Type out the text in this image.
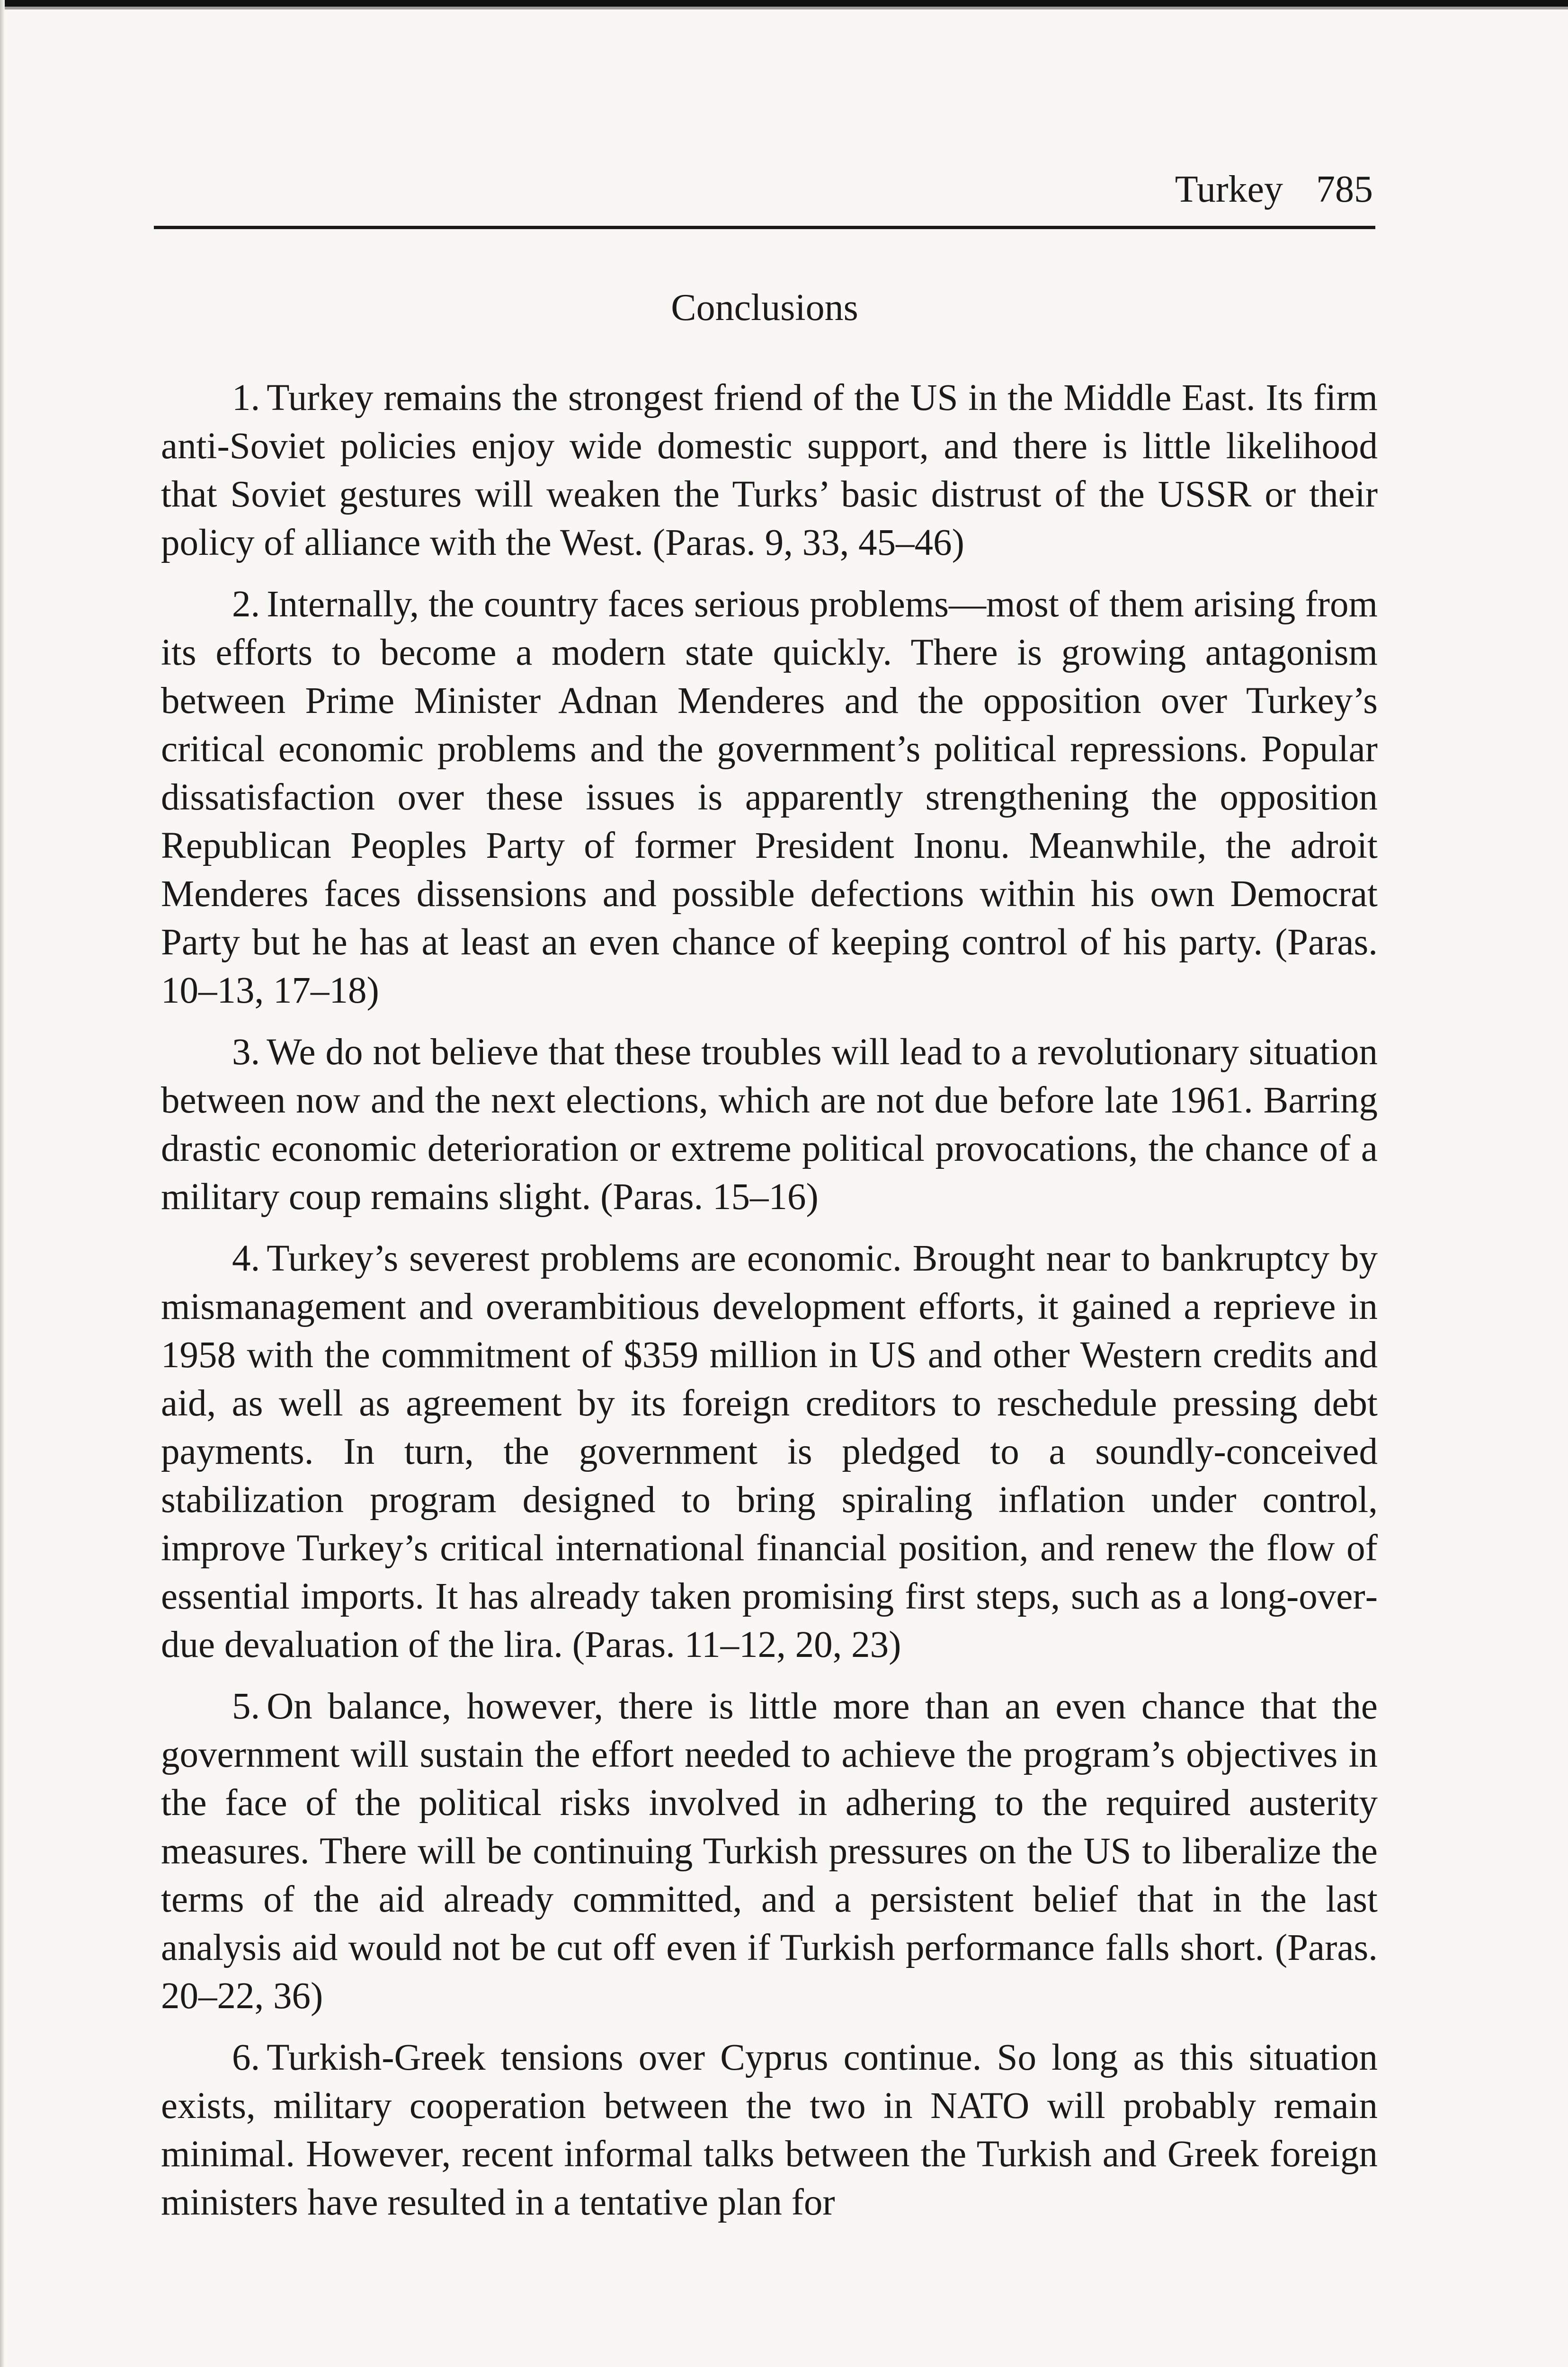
Turkey 785
Conclusions

1. Turkey remains the strongest friend of the US in the Middle East. Its firm anti-Soviet policies enjoy wide domestic support, and there is little likelihood that Soviet gestures will weaken the Turks’ basic distrust of the USSR or their policy of alliance with the West. (Paras. 9, 33, 45–46)

2. Internally, the country faces serious problems—most of them arising from its efforts to become a modern state quickly. There is growing antagonism between Prime Minister Adnan Menderes and the opposition over Turkey’s critical economic problems and the government’s political repressions. Popular dissatisfaction over these issues is apparently strengthening the opposition Republican Peoples Party of former President Inonu. Meanwhile, the adroit Menderes faces dissensions and possible defections within his own Democrat Party but he has at least an even chance of keeping control of his party. (Paras. 10–13, 17–18)

3. We do not believe that these troubles will lead to a revolutionary situation between now and the next elections, which are not due before late 1961. Barring drastic economic deterioration or extreme political provocations, the chance of a military coup remains slight. (Paras. 15–16)

4. Turkey’s severest problems are economic. Brought near to bankruptcy by mismanagement and overambitious development efforts, it gained a reprieve in 1958 with the commitment of $359 million in US and other Western credits and aid, as well as agreement by its foreign creditors to reschedule pressing debt payments. In turn, the government is pledged to a soundly-conceived stabilization program designed to bring spiraling inflation under control, improve Turkey’s critical international financial position, and renew the flow of essential imports. It has already taken promising first steps, such as a long-overdue devaluation of the lira. (Paras. 11–12, 20, 23)

5. On balance, however, there is little more than an even chance that the government will sustain the effort needed to achieve the program’s objectives in the face of the political risks involved in adhering to the required austerity measures. There will be continuing Turkish pressures on the US to liberalize the terms of the aid already committed, and a persistent belief that in the last analysis aid would not be cut off even if Turkish performance falls short. (Paras. 20–22, 36)

6. Turkish-Greek tensions over Cyprus continue. So long as this situation exists, military cooperation between the two in NATO will probably remain minimal. However, recent informal talks between the Turkish and Greek foreign ministers have resulted in a tentative plan for
